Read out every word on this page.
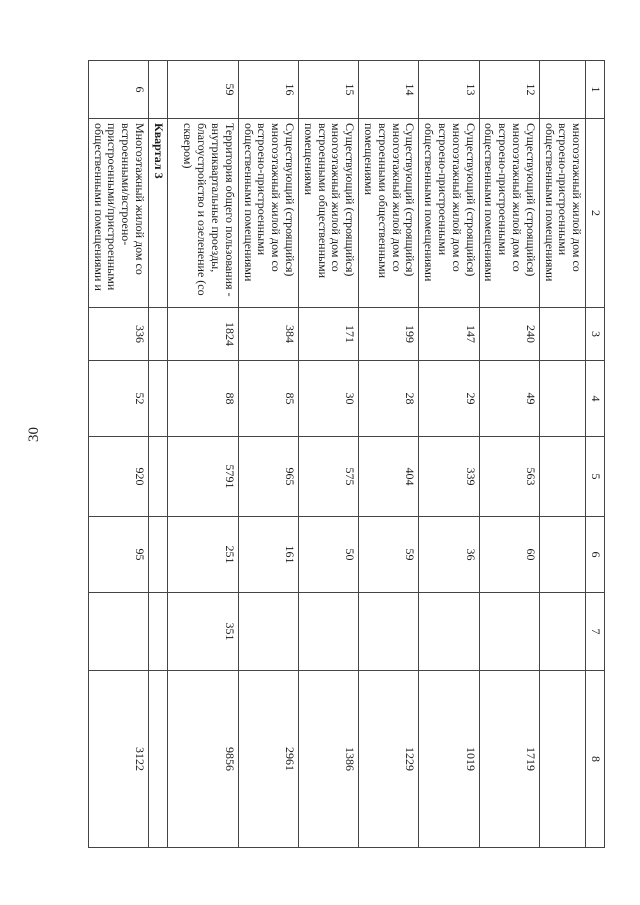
30
1	2	3	4	5	6	7	8
	многоэтажный жилой дом со встроено-пристроенными общественными помещениями						
12	Существующий (строящийся) многоэтажный жилой дом со встроено-пристроенными общественными помещениями	240	49	563	60		1719
13	Существующий (строящийся) многоэтажный жилой дом со встроено-пристроенными общественными помещениями	147	29	339	36		1019
14	Существующий (строящийся) многоэтажный жилой дом со встроенными общественными помещениями	199	28	404	59		1229
15	Существующий (строящийся) многоэтажный жилой дом со встроенными общественными помещениями	171	30	575	50		1386
16	Существующий (строящийся) многоэтажный жилой дом со встроено-пристроенными общественными помещениями	384	85	965	161		2961
59	Территория общего пользования - внутриквартальные проезды, благоустройство и озеленение (со сквером)	1824	88	5791	251	351	9856
	Квартал 3						
6	Многоэтажный жилой дом со встроенными/встроено-пристроенными/пристроенными общественными помещениями и	336	52	920	95		3122
